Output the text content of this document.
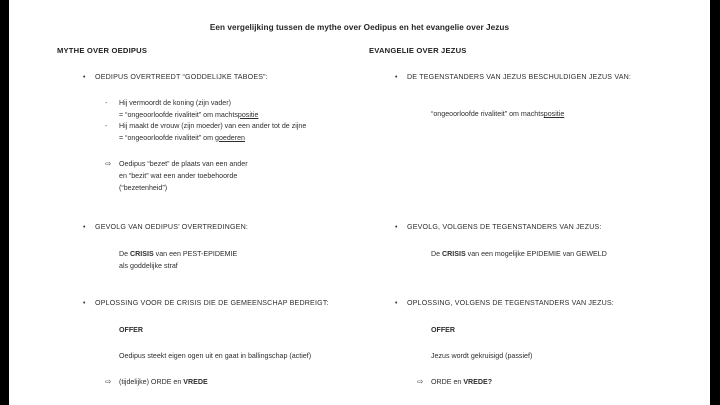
Een vergelijking tussen de mythe over Oedipus en het evangelie over Jezus
MYTHE OVER OEDIPUS
• OEDIPUS OVERTREEDT “GODDELIJKE TABOES”:
- Hij vermoordt de koning (zijn vader)
= “ongeoorloofde rivaliteit” om machtspositie
- Hij maakt de vrouw (zijn moeder) van een ander tot de zijne
= “ongeoorloofde rivaliteit” om goederen
⇨ Oedipus “bezet” de plaats van een ander
en “bezit” wat een ander toebehoorde
(“bezetenheid”)
• GEVOLG VAN OEDIPUS’ OVERTREDINGEN:
De CRISIS van een PEST-EPIDEMIE
als goddelijke straf
• OPLOSSING VOOR DE CRISIS DIE DE GEMEENSCHAP BEDREIGT:
OFFER
Oedipus steekt eigen ogen uit en gaat in ballingschap (actief)
⇨ (tijdelijke) ORDE en VREDE
EVANGELIE OVER JEZUS
• DE TEGENSTANDERS VAN JEZUS BESCHULDIGEN JEZUS VAN:
“ongeoorloofde rivaliteit” om machtspositie
• GEVOLG, VOLGENS DE TEGENSTANDERS VAN JEZUS:
De CRISIS van een mogelijke EPIDEMIE van GEWELD
• OPLOSSING, VOLGENS DE TEGENSTANDERS VAN JEZUS:
OFFER
Jezus wordt gekruisigd (passief)
⇨ ORDE en VREDE?
